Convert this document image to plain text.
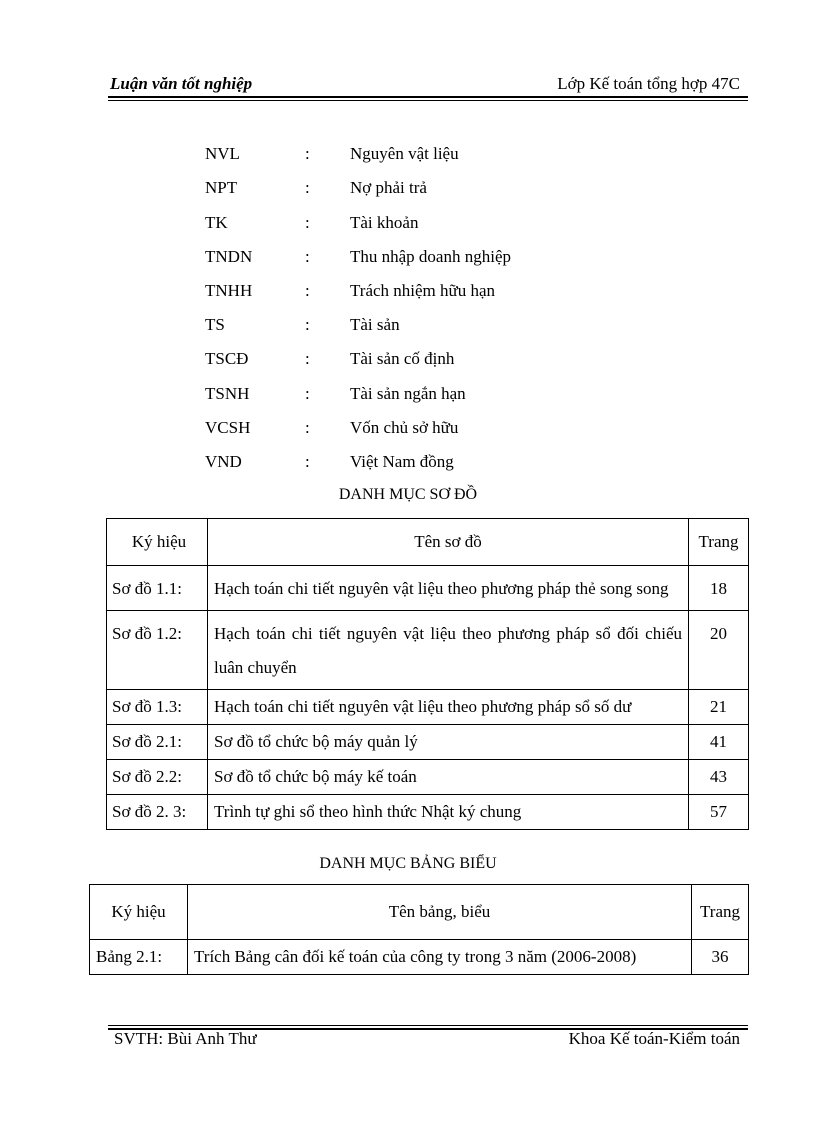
Luận văn tốt nghiệp	Lớp Kế toán tổng hợp 47C
NVL	: Nguyên vật liệu
NPT	: Nợ phải trả
TK	: Tài khoản
TNDN	: Thu nhập doanh nghiệp
TNHH	: Trách nhiệm hữu hạn
TS	: Tài sản
TSCĐ	: Tài sản cố định
TSNH	: Tài sản ngắn hạn
VCSH	: Vốn chủ sở hữu
VND	: Việt Nam đồng
DANH MỤC SƠ ĐỒ
Ký hiệu	Tên sơ đồ	Trang
Sơ đồ 1.1:	Hạch toán chi tiết nguyên vật liệu theo phương pháp thẻ song song	18
Sơ đồ 1.2:	Hạch toán chi tiết nguyên vật liệu theo phương pháp sổ đối chiếu luân chuyển	20
Sơ đồ 1.3:	Hạch toán chi tiết nguyên vật liệu theo phương pháp sổ số dư	21
Sơ đồ 2.1:	Sơ đồ tổ chức bộ máy quản lý	41
Sơ đồ 2.2:	Sơ đồ tổ chức bộ máy kế toán	43
Sơ đồ 2. 3:	Trình tự ghi sổ theo hình thức Nhật ký chung	57
DANH MỤC BẢNG BIỂU
Ký hiệu	Tên bảng, biểu	Trang
Bảng 2.1:	Trích Bảng cân đối kế toán của công ty trong 3 năm (2006-2008)	36
SVTH: Bùi Anh Thư	Khoa Kế toán-Kiểm toán
